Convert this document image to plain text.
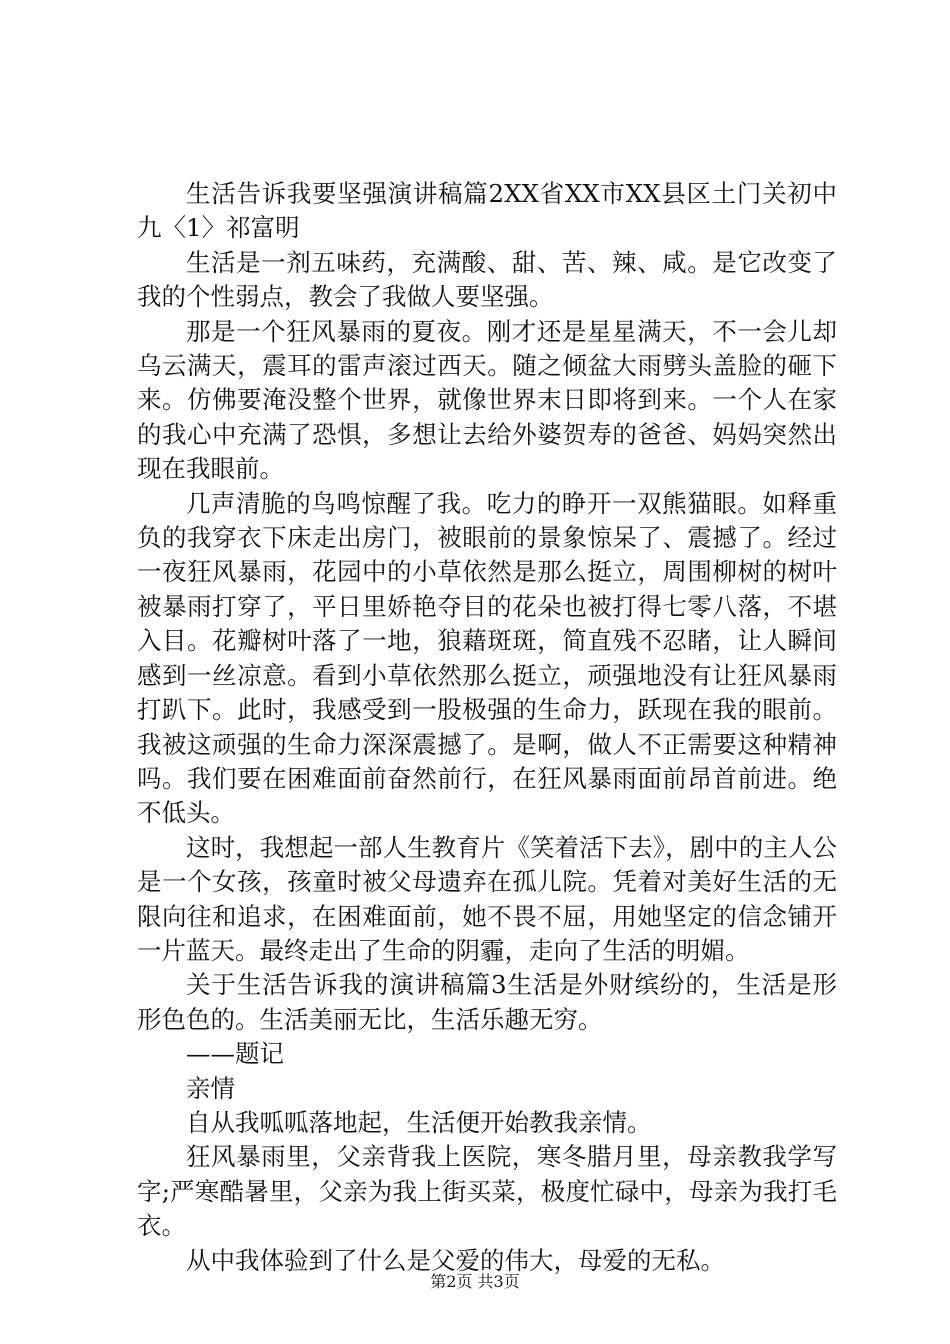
生活告诉我要坚强演讲稿篇2XX省XX市XX县区土门关初中九〈1〉祁富明

生活是一剂五味药，充满酸、甜、苦、辣、咸。是它改变了我的个性弱点，教会了我做人要坚强。

那是一个狂风暴雨的夏夜。刚才还是星星满天，不一会儿却乌云满天，震耳的雷声滚过西天。随之倾盆大雨劈头盖脸的砸下来。仿佛要淹没整个世界，就像世界末日即将到来。一个人在家的我心中充满了恐惧，多想让去给外婆贺寿的爸爸、妈妈突然出现在我眼前。

几声清脆的鸟鸣惊醒了我。吃力的睁开一双熊猫眼。如释重负的我穿衣下床走出房门，被眼前的景象惊呆了、震撼了。经过一夜狂风暴雨，花园中的小草依然是那么挺立，周围柳树的树叶被暴雨打穿了，平日里娇艳夺目的花朵也被打得七零八落，不堪入目。花瓣树叶落了一地，狼藉斑斑，简直残不忍睹，让人瞬间感到一丝凉意。看到小草依然那么挺立，顽强地没有让狂风暴雨打趴下。此时，我感受到一股极强的生命力，跃现在我的眼前。我被这顽强的生命力深深震撼了。是啊，做人不正需要这种精神吗。我们要在困难面前奋然前行，在狂风暴雨面前昂首前进。绝不低头。

这时，我想起一部人生教育片《笑着活下去》，剧中的主人公是一个女孩，孩童时被父母遗弃在孤儿院。凭着对美好生活的无限向往和追求，在困难面前，她不畏不屈，用她坚定的信念铺开一片蓝天。最终走出了生命的阴霾，走向了生活的明媚。

关于生活告诉我的演讲稿篇3生活是外财缤纷的，生活是形形色色的。生活美丽无比，生活乐趣无穷。

——题记

亲情

自从我呱呱落地起，生活便开始教我亲情。

狂风暴雨里，父亲背我上医院，寒冬腊月里，母亲教我学写字;严寒酷暑里，父亲为我上街买菜，极度忙碌中，母亲为我打毛衣。

从中我体验到了什么是父爱的伟大，母爱的无私。

第2页 共3页
